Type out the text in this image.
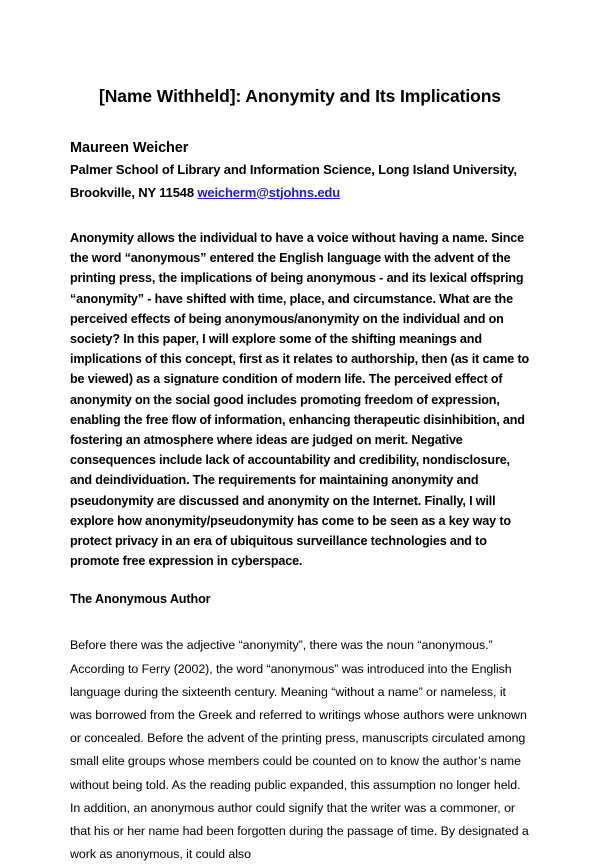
[Name Withheld]: Anonymity and Its Implications
Maureen Weicher
Palmer School of Library and Information Science, Long Island University, Brookville, NY 11548 weicherm@stjohns.edu
Anonymity allows the individual to have a voice without having a name. Since the word “anonymous” entered the English language with the advent of the printing press, the implications of being anonymous - and its lexical offspring “anonymity” - have shifted with time, place, and circumstance. What are the perceived effects of being anonymous/anonymity on the individual and on society? In this paper, I will explore some of the shifting meanings and implications of this concept, first as it relates to authorship, then (as it came to be viewed) as a signature condition of modern life. The perceived effect of anonymity on the social good includes promoting freedom of expression, enabling the free flow of information, enhancing therapeutic disinhibition, and fostering an atmosphere where ideas are judged on merit. Negative consequences include lack of accountability and credibility, nondisclosure, and deindividuation. The requirements for maintaining anonymity and pseudonymity are discussed and anonymity on the Internet. Finally, I will explore how anonymity/pseudonymity has come to be seen as a key way to protect privacy in an era of ubiquitous surveillance technologies and to promote free expression in cyberspace.
The Anonymous Author
Before there was the adjective “anonymity”, there was the noun “anonymous.” According to Ferry (2002), the word “anonymous” was introduced into the English language during the sixteenth century. Meaning “without a name” or nameless, it was borrowed from the Greek and referred to writings whose authors were unknown or concealed. Before the advent of the printing press, manuscripts circulated among small elite groups whose members could be counted on to know the author’s name without being told. As the reading public expanded, this assumption no longer held. In addition, an anonymous author could signify that the writer was a commoner, or that his or her name had been forgotten during the passage of time. By designated a work as anonymous, it could also
